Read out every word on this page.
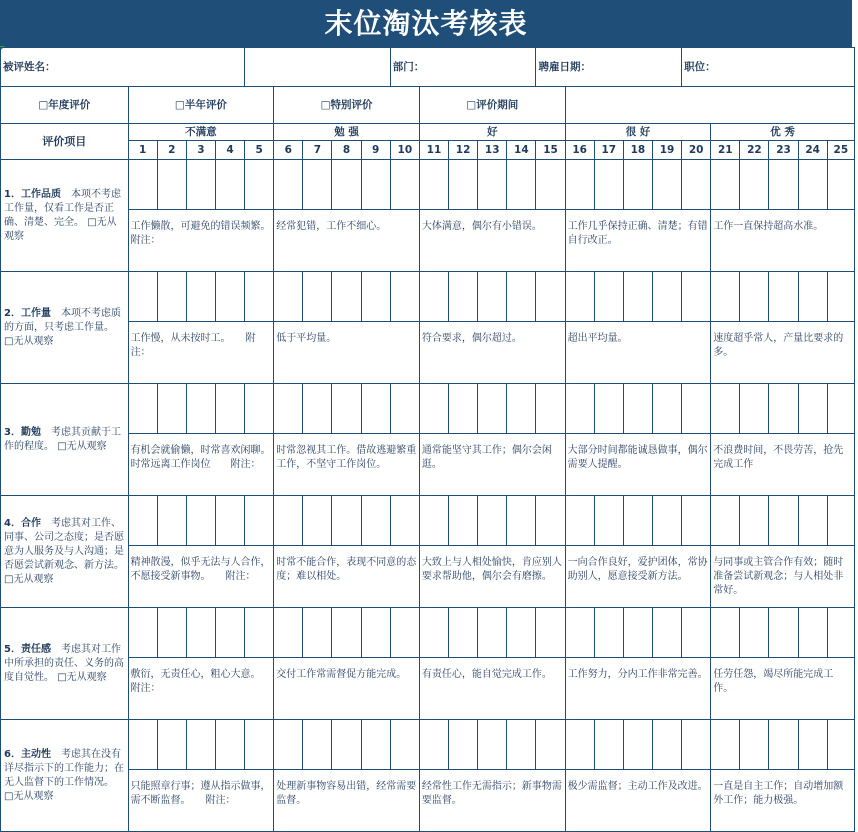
末位淘汰考核表
被评姓名：										部门：					聘雇日期：					职位：					
□年度评价	□半年评价					□特别评价					□评价期间														
评价项目	不满意					勉 强					好					很 好					优 秀				
	1	2	3	4	5	6	7	8	9	10	11	12	13	14	15	16	17	18	19	20	21	22	23	24	25
1．工作品质　 本项不考虑工作量，仅看工作是否正确、清楚、完全。 □无从观察																									
	工作懒散，可避免的错误频繁。　　附注：					经常犯错，工作不细心。					大体满意，偶尔有小错误。					工作几乎保持正确、清楚；有错自行改正。					工作一直保持超高水准。				
2．工作量　 本项不考虑质的方面，只考虑工作量。 □无从观察																									
	工作慢，从未按时工。　　 附注：					低于平均量。					符合要求，偶尔超过。					超出平均量。					速度超乎常人，产量比要求的多。				
3．勤勉　 考虑其贡献于工作的程度。 □无从观察																									
	有机会就偷懒，时常喜欢闲聊。时常远离工作岗位　　 附注：					时常忽视其工作。借故逃避繁重工作，不坚守工作岗位。					通常能坚守其工作；偶尔会闲逛。					大部分时间都能诚恳做事，偶尔需要人提醒。					不浪费时间，不畏劳苦，抢先完成工作				
4．合作　 考虑其对工作、同事、公司之态度；是否愿意为人服务及与人沟通；是否愿尝试新观念、新方法。 □无从观察																									
	精神散漫，似乎无法与人合作，不愿接受新事物。　　 附注：					时常不能合作，表现不同意的态度；难以相处。					大致上与人相处愉快，肯应别人要求帮助他，偶尔会有磨擦。					一向合作良好，爱护团体，常协助别人，愿意接受新方法。					与同事或主管合作有效；随时准备尝试新观念；与人相处非常好。				
5．责任感　 考虑其对工作中所承担的责任、义务的高度自觉性。 □无从观察																									
	敷衍，无责任心，粗心大意。　　附注：					交付工作常需督促方能完成。					有责任心，能自觉完成工作。					工作努力，分内工作非常完善。					任劳任怨，竭尽所能完成工作。				
6．主动性　 考虑其在没有详尽指示下的工作能力；在无人监督下的工作情况。 □无从观察																									
	只能照章行事；遵从指示做事，需不断监督。　　 附注：					处理新事物容易出错，经常需要监督。					经常性工作无需指示；新事物需要监督。					极少需监督；主动工作及改进。					一直是自主工作；自动增加额外工作；能力极强。				
